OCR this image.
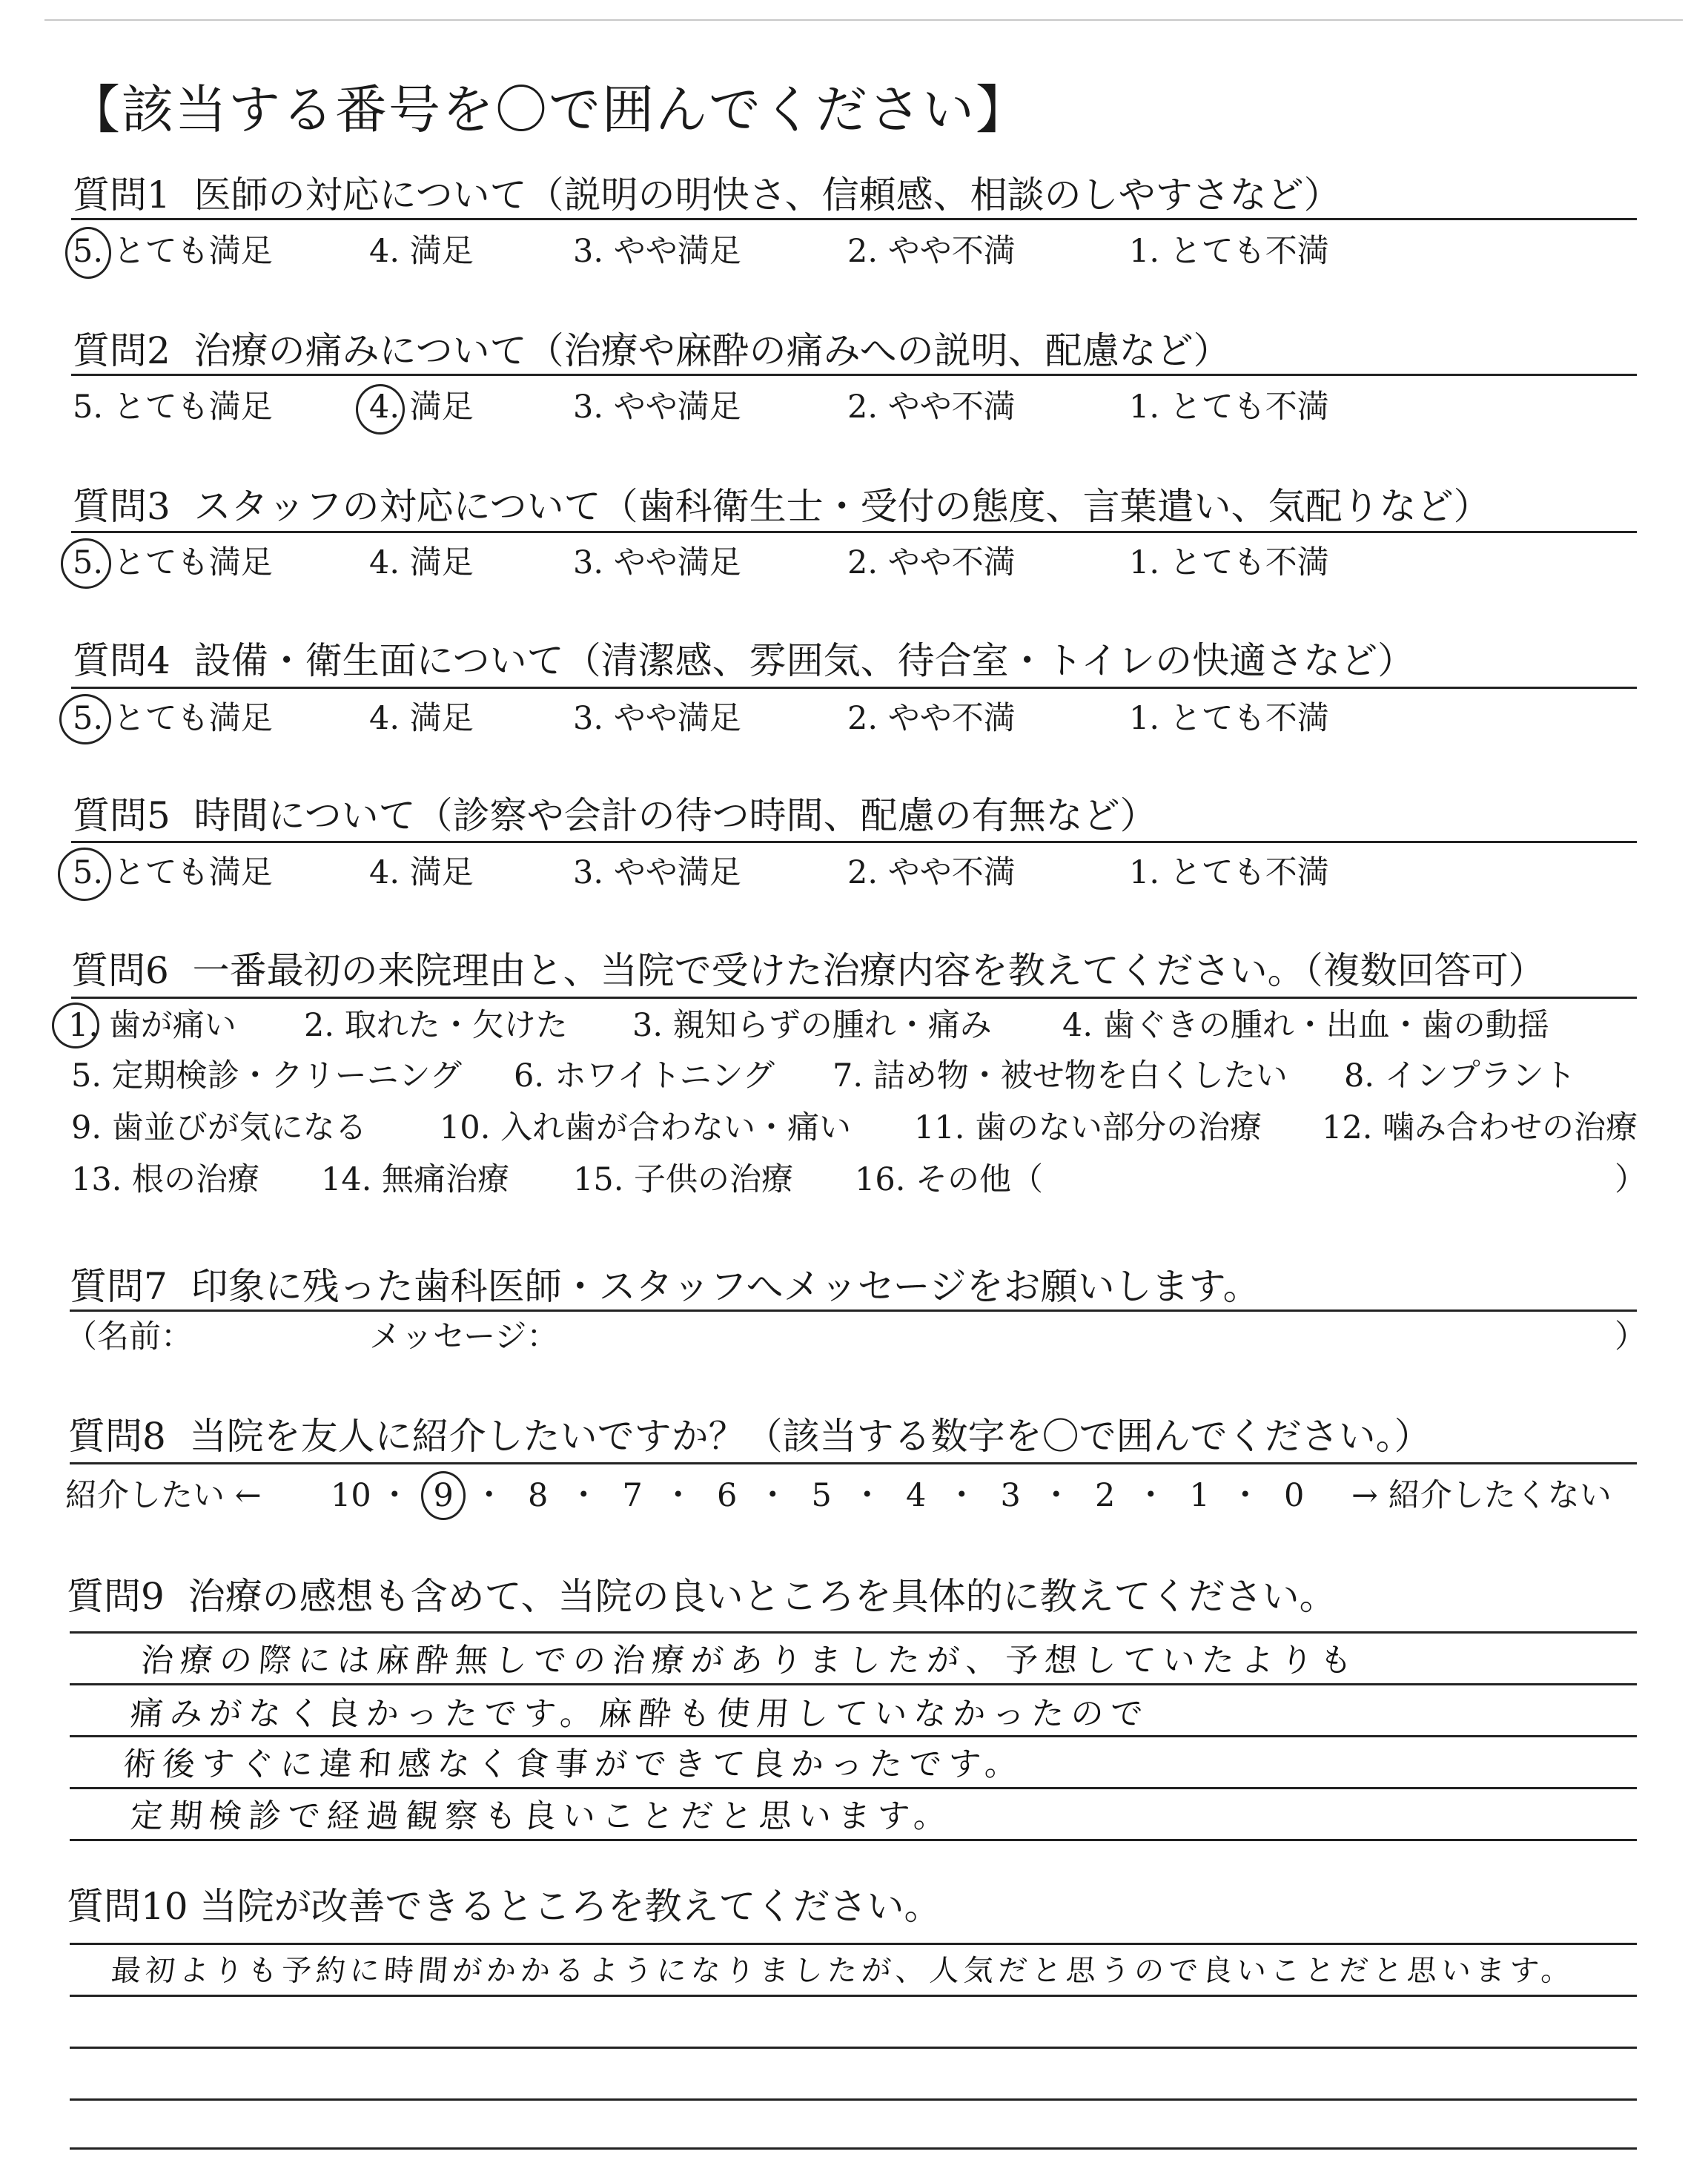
【該当する番号を〇で囲んでください】
質問1 医師の対応について（説明の明快さ、信頼感、相談のしやすさなど）
5. とても満足	4. 満足	3. やや満足	2. やや不満	1. とても不満
質問2 治療の痛みについて（治療や麻酔の痛みへの説明、配慮など）
5. とても満足	4. 満足	3. やや満足	2. やや不満	1. とても不満
質問3 スタッフの対応について（歯科衛生士・受付の態度、言葉遣い、気配りなど）
5. とても満足	4. 満足	3. やや満足	2. やや不満	1. とても不満
質問4 設備・衛生面について（清潔感、雰囲気、待合室・トイレの快適さなど）
5. とても満足	4. 満足	3. やや満足	2. やや不満	1. とても不満
質問5 時間について（診察や会計の待つ時間、配慮の有無など）
5. とても満足	4. 満足	3. やや満足	2. やや不満	1. とても不満
質問6 一番最初の来院理由と、当院で受けた治療内容を教えてください。（複数回答可）
1. 歯が痛い 2. 取れた・欠けた 3. 親知らずの腫れ・痛み 4. 歯ぐきの腫れ・出血・歯の動揺
5. 定期検診・クリーニング 6. ホワイトニング 7. 詰め物・被せ物を白くしたい 8. インプラント
9. 歯並びが気になる 10. 入れ歯が合わない・痛い 11. 歯のない部分の治療 12. 噛み合わせの治療
13. 根の治療 14. 無痛治療 15. 子供の治療 16. その他（	）
質問7 印象に残った歯科医師・スタッフへメッセージをお願いします。
（名前：	メッセージ：	）
質問8 当院を友人に紹介したいですか？（該当する数字を〇で囲んでください。）
紹介したい ←	→ 紹介したくない
10 ・ 9 ・ 8 ・ 7 ・ 6 ・ 5 ・ 4 ・ 3 ・ 2 ・ 1 ・ 0
質問9 治療の感想も含めて、当院の良いところを具体的に教えてください。
治療の際には麻酔無しでの治療がありましたが、予想していたよりも
痛みがなく良かったです。麻酔も使用していなかったので
術後すぐに違和感なく食事ができて良かったです。
定期検診で経過観察も良いことだと思います。
質問10 当院が改善できるところを教えてください。
最初よりも予約に時間がかかるようになりましたが、人気だと思うので良いことだと思います。
